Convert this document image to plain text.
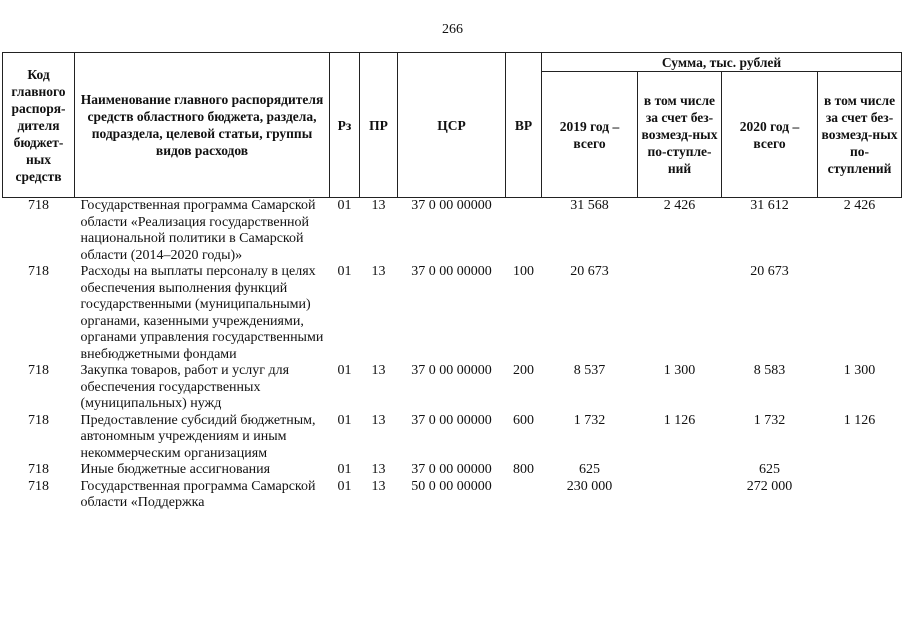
266
Код главного распоря-дителя бюджет-ных средств	Наименование главного распорядителя средств областного бюджета, раздела, подраздела, целевой статьи, группы видов расходов	Рз	ПР	ЦСР	ВР	Сумма, тыс. рублей			
						2019 год – всего	в том числе за счет без-возмезд-ных по-ступле-ний	2020 год – всего	в том числе за счет без-возмезд-ных по-ступлений
718	Государственная программа Самарской области «Реализация государственной национальной политики в Самарской области (2014–2020 годы)»	01	13	37 0 00 00000		31 568	2 426	31 612	2 426
718	Расходы на выплаты персоналу в целях обеспечения выполнения функций государственными (муниципальными) органами, казенными учреждениями, органами управления государственными внебюджетными фондами	01	13	37 0 00 00000	100	20 673		20 673	
718	Закупка товаров, работ и услуг для обеспечения государственных (муниципальных) нужд	01	13	37 0 00 00000	200	8 537	1 300	8 583	1 300
718	Предоставление субсидий бюджетным, автономным учреждениям и иным некоммерческим организациям	01	13	37 0 00 00000	600	1 732	1 126	1 732	1 126
718	Иные бюджетные ассигнования	01	13	37 0 00 00000	800	625		625	
718	Государственная программа Самарской области «Поддержка	01	13	50 0 00 00000		230 000		272 000	
